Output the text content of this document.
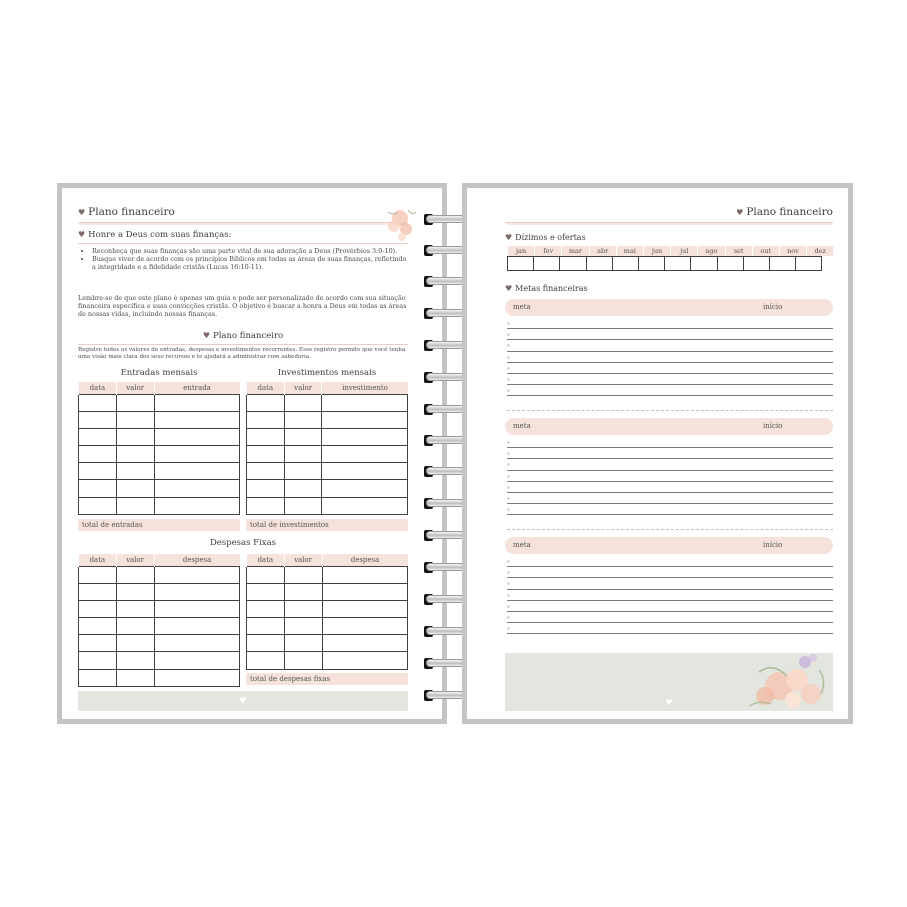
♥ Plano financeiro
♥ Honre a Deus com suas finanças:
• Reconheça que suas finanças são uma parte vital de sua adoração a Deus (Provérbios 3:9-10).
• Busque viver de acordo com os princípios Bíblicos em todas as áreas de suas finanças, refletindo a integridade e a fidelidade cristãs (Lucas 16:10-11).
Lembre-se de que este plano é apenas um guia e pode ser personalizado de acordo com sua situação financeira específica e suas convicções cristãs. O objetivo é buscar a honra a Deus em todas as áreas de nossas vidas, incluindo nossas finanças.
♥ Plano financeiro
Registre todos os valores de entradas, despesas e investimentos recorrentes. Esse registro permite que você tenha uma visão mais clara dos seus recursos e te ajudará a administrar com sabedoria.
Entradas mensais
data	valor	entrada

total de entradas
Investimentos mensais
data	valor	investimento

total de investimentos
Despesas Fixas
data	valor	despesa

			data	valor	despesa

total de despesas fixas
♥
♥ Plano financeiro
♥ Dízimos e ofertas
jan	fev	mar	abr	mai	jun	jul	ago	set	out	nov	dez
♥ Metas financeiras
meta	início
meta	início
meta	início
♥
